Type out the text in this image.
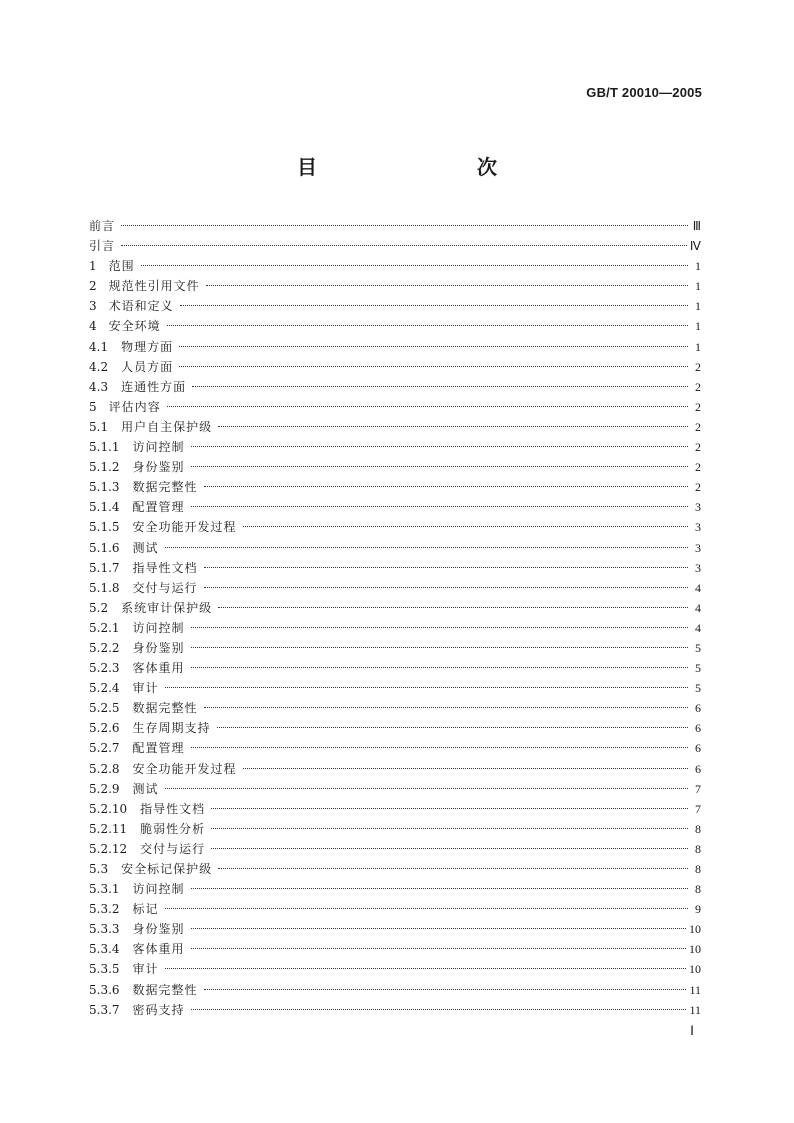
GB/T 20010—2005
目　　次
前言	Ⅲ
引言	Ⅳ
1 范围	1
2 规范性引用文件	1
3 术语和定义	1
4 安全环境	1
4.1 物理方面	1
4.2 人员方面	2
4.3 连通性方面	2
5 评估内容	2
5.1 用户自主保护级	2
5.1.1 访问控制	2
5.1.2 身份鉴别	2
5.1.3 数据完整性	2
5.1.4 配置管理	3
5.1.5 安全功能开发过程	3
5.1.6 测试	3
5.1.7 指导性文档	3
5.1.8 交付与运行	4
5.2 系统审计保护级	4
5.2.1 访问控制	4
5.2.2 身份鉴别	5
5.2.3 客体重用	5
5.2.4 审计	5
5.2.5 数据完整性	6
5.2.6 生存周期支持	6
5.2.7 配置管理	6
5.2.8 安全功能开发过程	6
5.2.9 测试	7
5.2.10 指导性文档	7
5.2.11 脆弱性分析	8
5.2.12 交付与运行	8
5.3 安全标记保护级	8
5.3.1 访问控制	8
5.3.2 标记	9
5.3.3 身份鉴别	10
5.3.4 客体重用	10
5.3.5 审计	10
5.3.6 数据完整性	11
5.3.7 密码支持	11
Ⅰ
